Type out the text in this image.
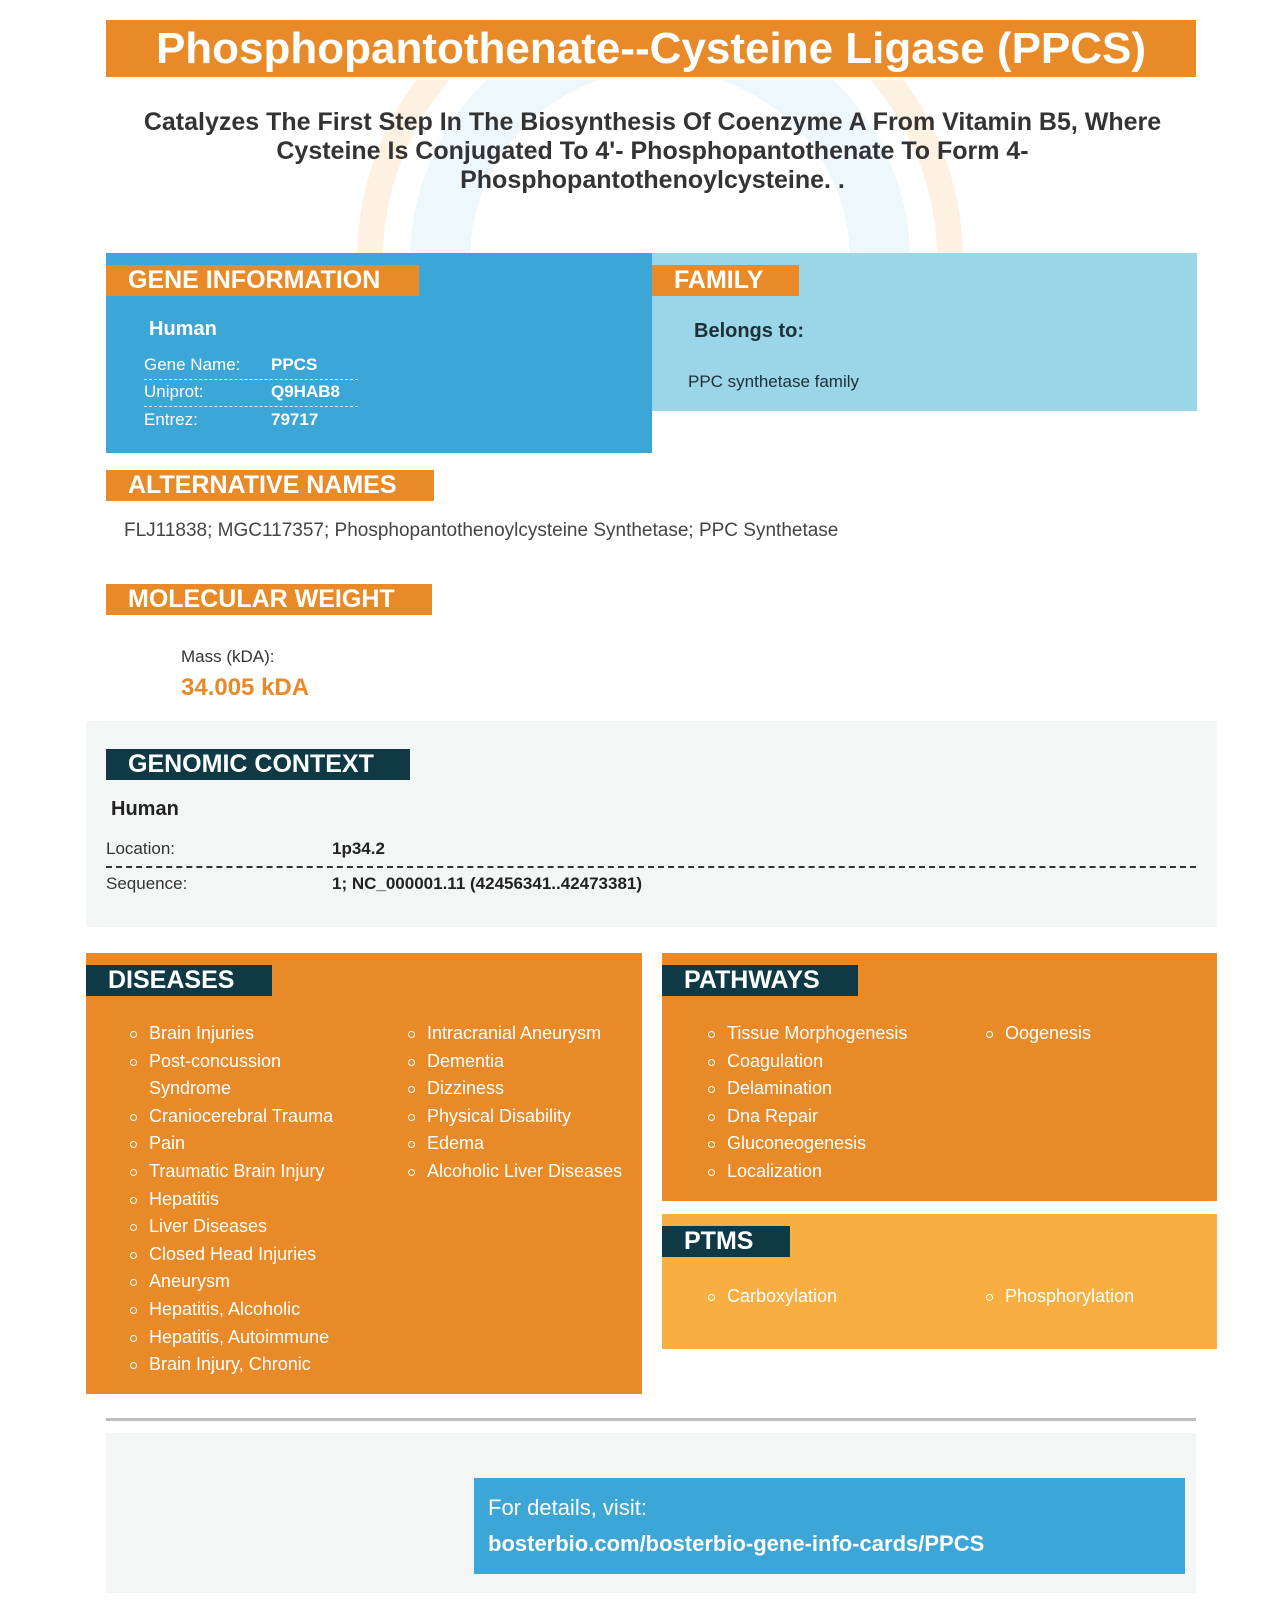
Phosphopantothenate--Cysteine Ligase (PPCS)
Catalyzes The First Step In The Biosynthesis Of Coenzyme A From Vitamin B5, Where Cysteine Is Conjugated To 4'- Phosphopantothenate To Form 4-Phosphopantothenoylcysteine. .
GENE INFORMATION
Human
Gene Name: PPCS
Uniprot:	Q9HAB8
Entrez:	79717
FAMILY
Belongs to:
PPC synthetase family
ALTERNATIVE NAMES
FLJ11838; MGC117357; Phosphopantothenoylcysteine Synthetase; PPC Synthetase
MOLECULAR WEIGHT
Mass (kDA):
34.005 kDA
GENOMIC CONTEXT
Human
Location:	1p34.2
Sequence:	1; NC_000001.11 (42456341..42473381)
DISEASES
Brain Injuries
Post-concussion Syndrome
Craniocerebral Trauma
Pain
Traumatic Brain Injury
Hepatitis
Liver Diseases
Closed Head Injuries
Aneurysm
Hepatitis, Alcoholic
Hepatitis, Autoimmune
Brain Injury, Chronic
Intracranial Aneurysm
Dementia
Dizziness
Physical Disability
Edema
Alcoholic Liver Diseases
PATHWAYS
Tissue Morphogenesis
Coagulation
Delamination
Dna Repair
Gluconeogenesis
Localization
Oogenesis
PTMS
Carboxylation	Phosphorylation
For details, visit:
bosterbio.com/bosterbio-gene-info-cards/PPCS
